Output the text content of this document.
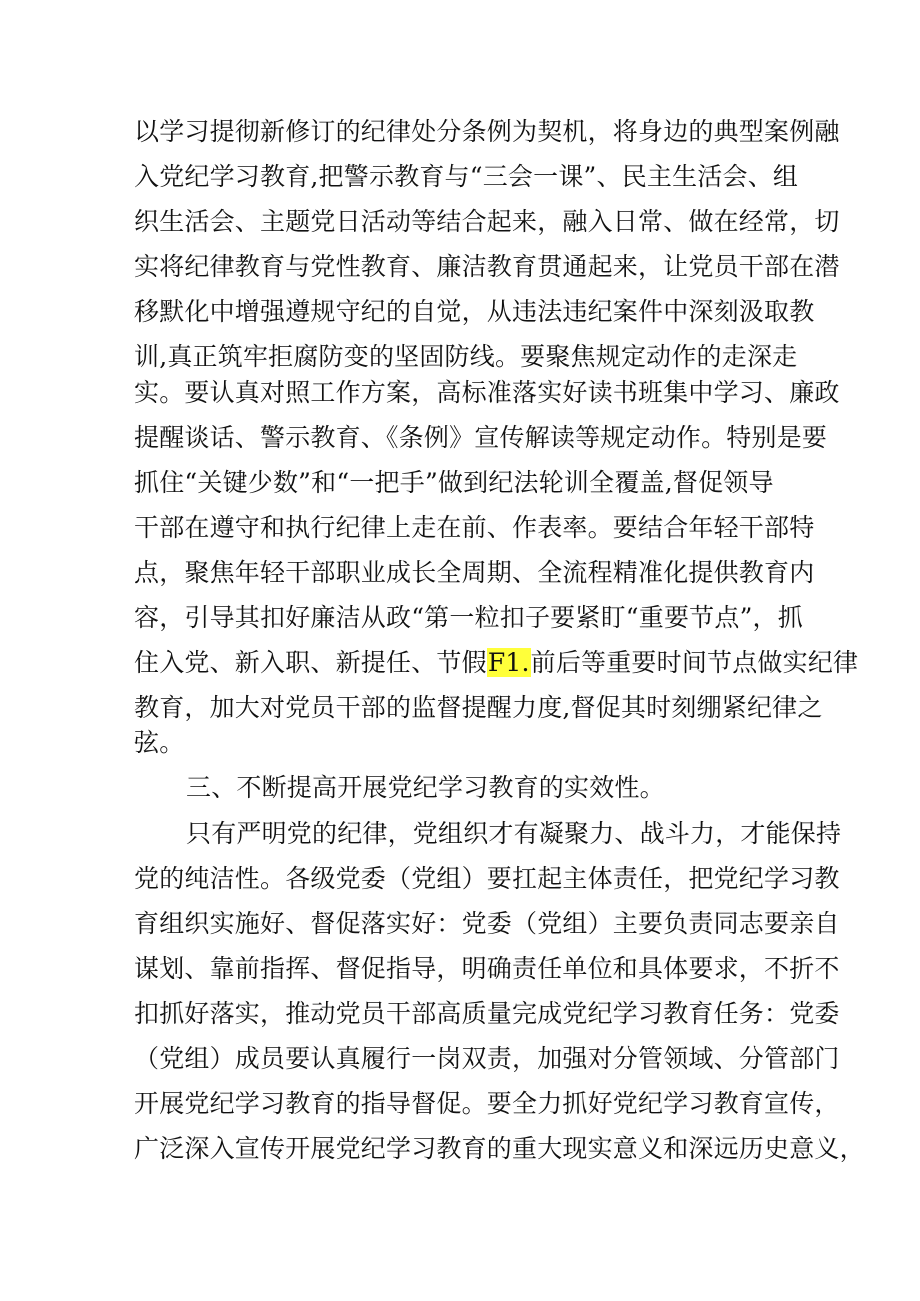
以学习提彻新修订的纪律处分条例为契机，将身边的典型案例融
入党纪学习教育,把警示教育与“三会一课”、民主生活会、组
织生活会、主题党日活动等结合起来，融入日常、做在经常，切
实将纪律教育与党性教育、廉洁教育贯通起来，让党员干部在潜
移默化中增强遵规守纪的自觉，从违法违纪案件中深刻汲取教
训,真正筑牢拒腐防变的坚固防线。要聚焦规定动作的走深走
实。要认真对照工作方案，高标准落实好读书班集中学习、廉政
提醒谈话、警示教育、《条例》宣传解读等规定动作。特别是要
抓住“关键少数”和“一把手”做到纪法轮训全覆盖,督促领导
干部在遵守和执行纪律上走在前、作表率。要结合年轻干部特
点，聚焦年轻干部职业成长全周期、全流程精准化提供教育内
容，引导其扣好廉洁从政“第一粒扣子要紧盯“重要节点”，抓
住入党、新入职、新提任、节假F1.前后等重要时间节点做实纪律
教育，加大对党员干部的监督提醒力度,督促其时刻绷紧纪律之
弦。
三、不断提高开展党纪学习教育的实效性。
只有严明党的纪律，党组织才有凝聚力、战斗力，才能保持
党的纯洁性。各级党委（党组）要扛起主体责任，把党纪学习教
育组织实施好、督促落实好：党委（党组）主要负责同志要亲自
谋划、靠前指挥、督促指导，明确责任单位和具体要求，不折不
扣抓好落实，推动党员干部高质量完成党纪学习教育任务：党委
（党组）成员要认真履行一岗双责，加强对分管领域、分管部门
开展党纪学习教育的指导督促。要全力抓好党纪学习教育宣传，
广泛深入宣传开展党纪学习教育的重大现实意义和深远历史意义，
